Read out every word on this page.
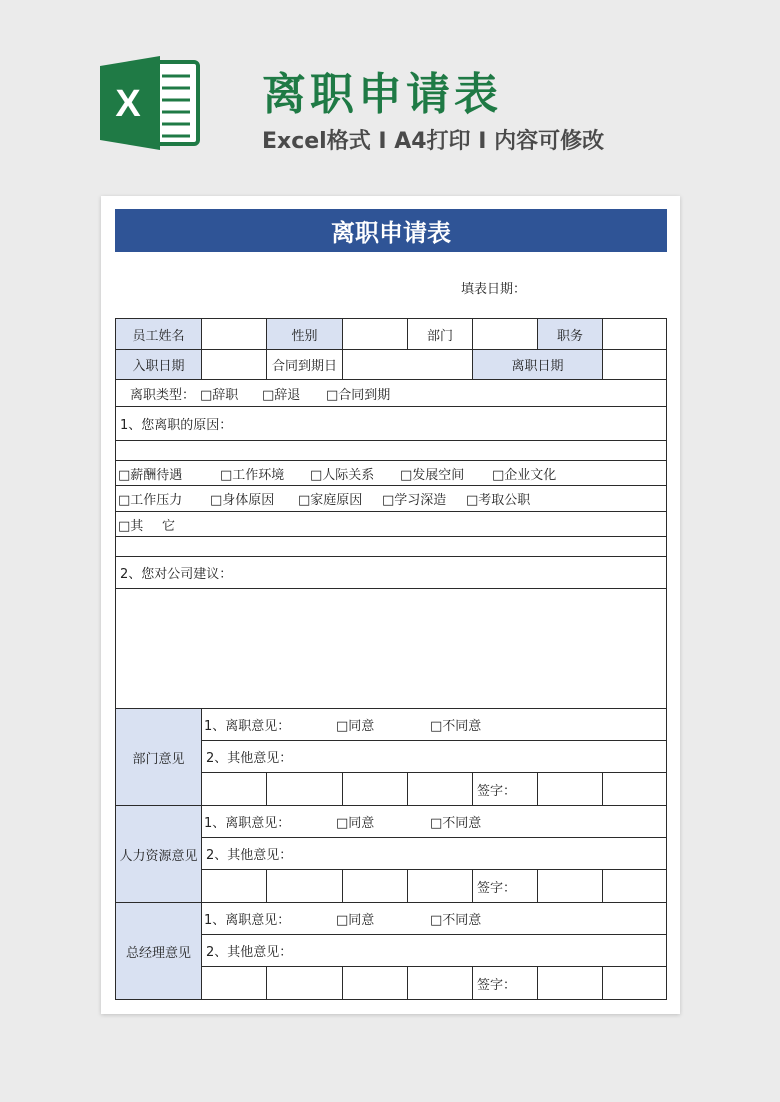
X	离职申请表
Excel格式 I A4打印 I 内容可修改
离职申请表
填表日期：
员工姓名	性别	部门	职务
入职日期	合同到期日	离职日期
离职类型： □辞职 □辞退 □合同到期
1、您离职的原因：
□薪酬待遇	□工作环境 □人际关系 □发展空间 □企业文化
□工作压力 □身体原因 □家庭原因 □学习深造 □考取公职
□其 它
2、您对公司建议：
部门意见
1、离职意见：	□同意	□不同意
2、其他意见：
签字：
人力资源意见
1、离职意见：	□同意	□不同意
2、其他意见：
签字：
总经理意见
1、离职意见：	□同意	□不同意
2、其他意见：
签字：
